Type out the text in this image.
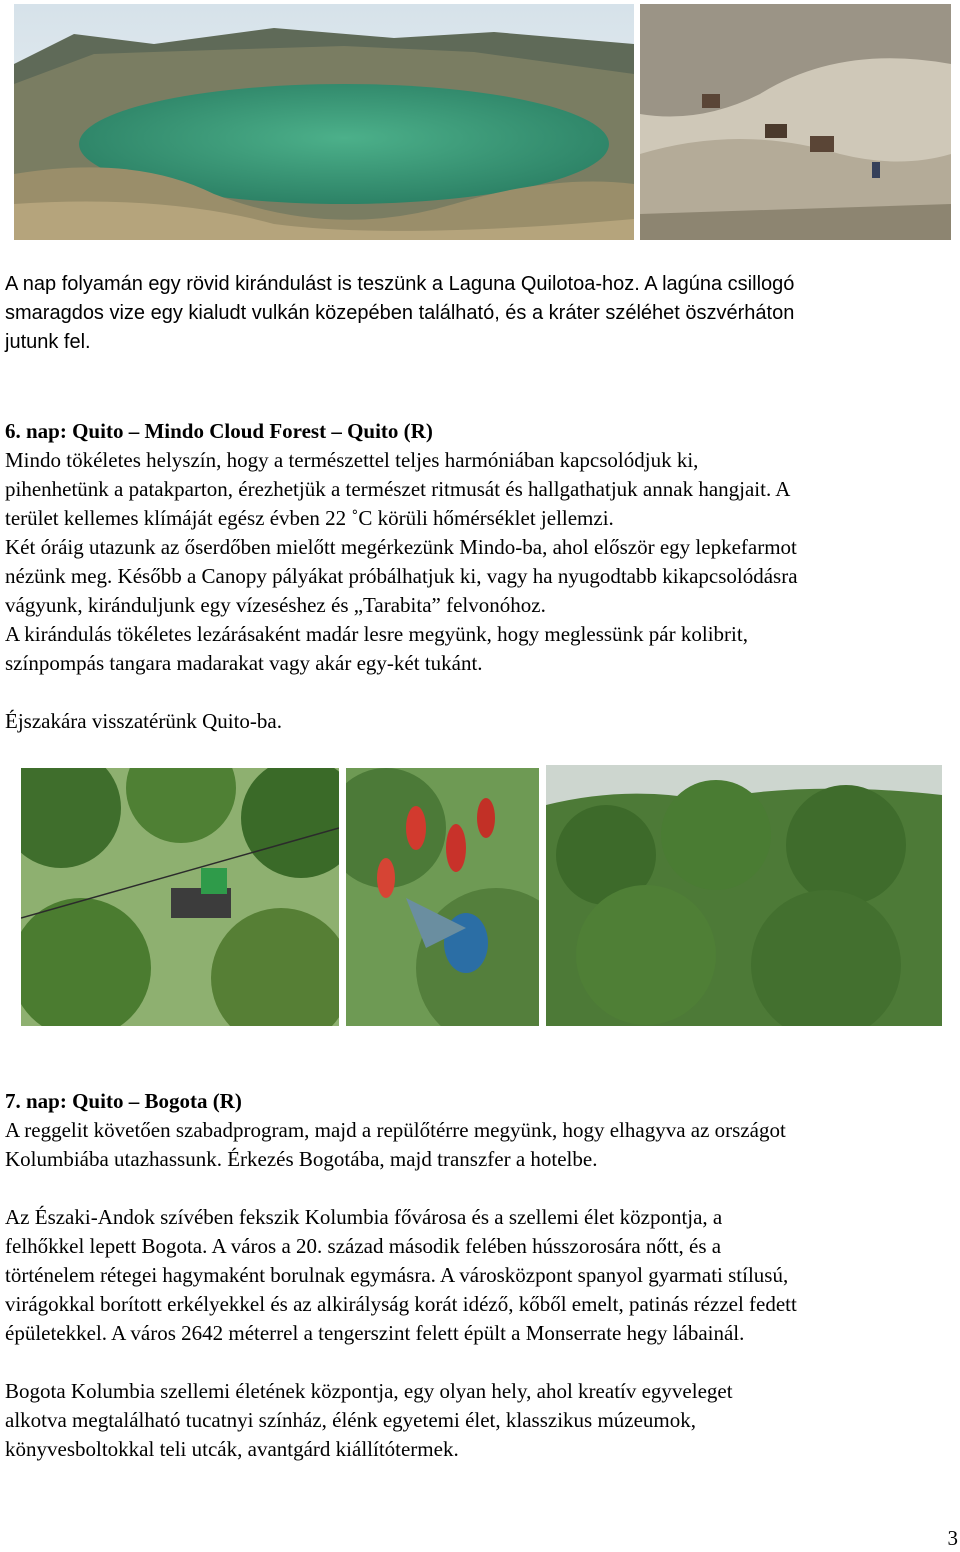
A nap folyamán egy rövid kirándulást is teszünk a Laguna Quilotoa-hoz. A lagúna csillogó
smaragdos vize egy kialudt vulkán közepében található, és a kráter széléhet öszvérháton
jutunk fel.

6. nap: Quito – Mindo Cloud Forest – Quito (R)

Mindo tökéletes helyszín, hogy a természettel teljes harmóniában kapcsolódjuk ki,
pihenhetünk a patakparton, érezhetjük a természet ritmusát és hallgathatjuk annak hangjait. A
terület kellemes klímáját egész évben 22 ˚C körüli hőmérséklet jellemzi.

Két óráig utazunk az őserdőben mielőtt megérkezünk Mindo-ba, ahol először egy lepkefarmot
nézünk meg. Később a Canopy pályákat próbálhatjuk ki, vagy ha nyugodtabb kikapcsolódásra
vágyunk, kiránduljunk egy vízeséshez és „Tarabita” felvonóhoz.

A kirándulás tökéletes lezárásaként madár lesre megyünk, hogy meglessünk pár kolibrit,
színpompás tangara madarakat vagy akár egy-két tukánt.

Éjszakára visszatérünk Quito-ba.

7. nap: Quito – Bogota (R)

A reggelit követően szabadprogram, majd a repülőtérre megyünk, hogy elhagyva az országot
Kolumbiába utazhassunk. Érkezés Bogotába, majd transzfer a hotelbe.

Az Északi-Andok szívében fekszik Kolumbia fővárosa és a szellemi élet központja, a
felhőkkel lepett Bogota. A város a 20. század második felében hússzorosára nőtt, és a
történelem rétegei hagymaként borulnak egymásra. A városközpont spanyol gyarmati stílusú,
virágokkal borított erkélyekkel és az alkirályság korát idéző, kőből emelt, patinás rézzel fedett
épületekkel. A város 2642 méterrel a tengerszint felett épült a Monserrate hegy lábainál.

Bogota Kolumbia szellemi életének központja, egy olyan hely, ahol kreatív egyveleget
alkotva megtalálható tucatnyi színház, élénk egyetemi élet, klasszikus múzeumok,
könyvesboltokkal teli utcák, avantgárd kiállítótermek.

3
